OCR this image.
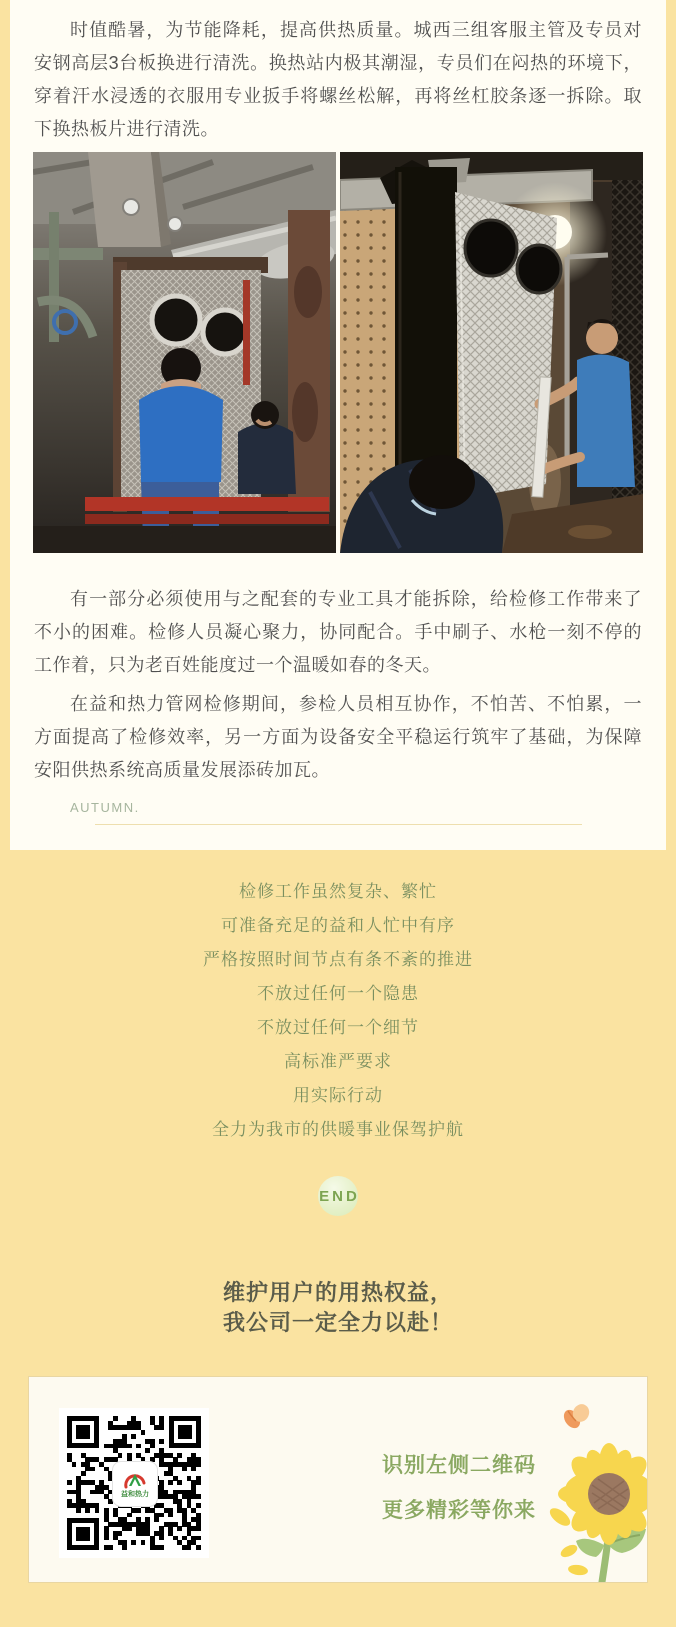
时值酷暑，为节能降耗，提高供热质量。城西三组客服主管及专员对安钢高层3台板换进行清洗。换热站内极其潮湿，专员们在闷热的环境下，穿着汗水浸透的衣服用专业扳手将螺丝松解，再将丝杠胶条逐一拆除。取下换热板片进行清洗。

有一部分必须使用与之配套的专业工具才能拆除，给检修工作带来了不小的困难。检修人员凝心聚力，协同配合。手中刷子、水枪一刻不停的工作着，只为老百姓能度过一个温暖如春的冬天。

在益和热力管网检修期间，参检人员相互协作，不怕苦、不怕累，一方面提高了检修效率，另一方面为设备安全平稳运行筑牢了基础，为保障安阳供热系统高质量发展添砖加瓦。

AUTUMN.
检修工作虽然复杂、繁忙
可准备充足的益和人忙中有序
严格按照时间节点有条不紊的推进
不放过任何一个隐患
不放过任何一个细节
高标准严要求
用实际行动
全力为我市的供暖事业保驾护航
END
维护用户的用热权益，
我公司一定全力以赴！
益和热力
识别左侧二维码
更多精彩等你来
